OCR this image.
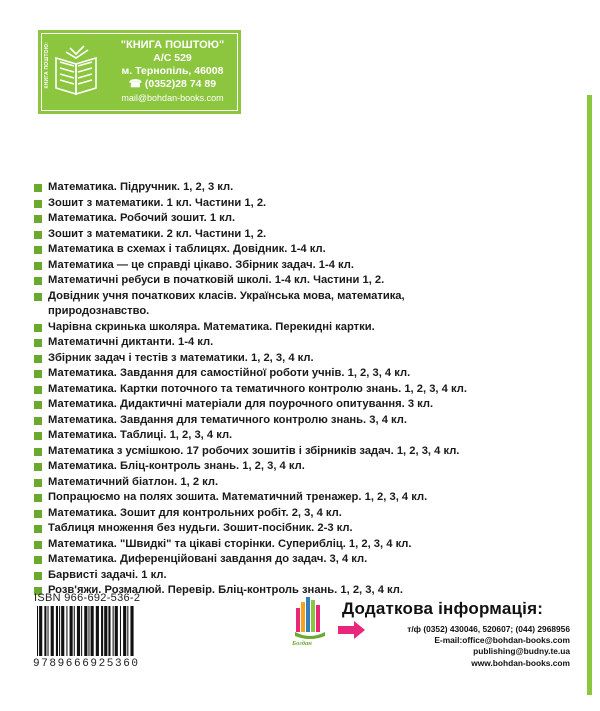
КНИГА ПОШТОЮ:	"КНИГА ПОШТОЮ"
А/С 529
м. Тернопіль, 46008
☎ (0352)28 74 89
mail@bohdan-books.com
Математика. Підручник. 1, 2, 3 кл.
Зошит з математики. 1 кл. Частини 1, 2.
Математика. Робочий зошит. 1 кл.
Зошит з математики. 2 кл. Частини 1, 2.
Математика в схемах і таблицях. Довідник. 1-4 кл.
Математика — це справді цікаво. Збірник задач. 1-4 кл.
Математичні ребуси в початковій школі. 1-4 кл. Частини 1, 2.
Довідник учня початкових класів. Українська мова, математика,
природознавство.
Чарівна скринька школяра. Математика. Перекидні картки.
Математичні диктанти. 1-4 кл.
Збірник задач і тестів з математики. 1, 2, 3, 4 кл.
Математика. Завдання для самостійної роботи учнів. 1, 2, 3, 4 кл.
Математика. Картки поточного та тематичного контролю знань. 1, 2, 3, 4 кл.
Математика. Дидактичні матеріали для поурочного опитування. 3 кл.
Математика. Завдання для тематичного контролю знань. 3, 4 кл.
Математика. Таблиці. 1, 2, 3, 4 кл.
Математика з усмішкою. 17 робочих зошитів і збірників задач. 1, 2, 3, 4 кл.
Математика. Бліц-контроль знань. 1, 2, 3, 4 кл.
Математичний біатлон. 1, 2 кл.
Попрацюємо на полях зошита. Математичний тренажер. 1, 2, 3, 4 кл.
Математика. Зошит для контрольних робіт. 2, 3, 4 кл.
Таблиця множення без нудьги. Зошит-посібник. 2-3 кл.
Математика. "Швидкі" та цікаві сторінки. Суперибліц. 1, 2, 3, 4 кл.
Математика. Диференційовані завдання до задач. 3, 4 кл.
Барвисті задачі. 1 кл.
Розв'яжи. Розмалюй. Перевір. Бліц-контроль знань. 1, 2, 3, 4 кл.
ISBN 966-692-536-2
9789666925360
Богдан
Додаткова інформація:
т/ф (0352) 430046, 520607; (044) 2968956
E-mail:office@bohdan-books.com
publishing@budny.te.ua
www.bohdan-books.com
